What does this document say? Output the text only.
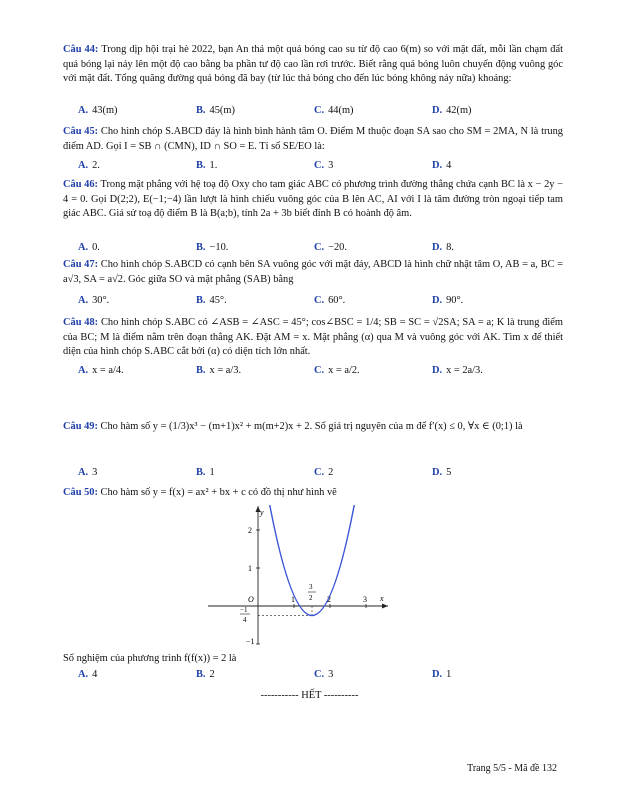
Câu 44: Trong dịp hội trại hè 2022, bạn An thả một quả bóng cao su từ độ cao 6(m) so với mặt đất, mỗi lần chạm đất quả bóng lại nảy lên một độ cao bằng ba phần tư độ cao lần rơi trước. Biết rằng quả bóng luôn chuyển động vuông góc với mặt đất. Tổng quãng đường quả bóng đã bay (từ lúc thả bóng cho đến lúc bóng không nảy nữa) khoảng:
A. 43(m)	B. 45(m)	C. 44(m)	D. 42(m)
Câu 45: Cho hình chóp S.ABCD đáy là hình bình hành tâm O. Điểm M thuộc đoạn SA sao cho SM = 2MA, N là trung điểm AD. Gọi I = SB ∩ (CMN), ID ∩ SO = E. Tỉ số SE/EO là:
A. 2.	B. 1.	C. 3	D. 4
Câu 46: Trong mặt phẳng với hệ toạ độ Oxy cho tam giác ABC có phương trình đường thẳng chứa cạnh BC là x − 2y − 4 = 0. Gọi D(2;2), E(−1;−4) lần lượt là hình chiếu vuông góc của B lên AC, AI với I là tâm đường tròn ngoại tiếp tam giác ABC. Giả sử toạ độ điểm B là B(a;b), tính 2a + 3b biết đỉnh B có hoành độ âm.
A. 0.	B. −10.	C. −20.	D. 8.
Câu 47: Cho hình chóp S.ABCD có cạnh bên SA vuông góc với mặt đáy, ABCD là hình chữ nhật tâm O, AB = a, BC = a√3, SA = a√2. Góc giữa SO và mặt phẳng (SAB) bằng
A. 30°.	B. 45°.	C. 60°.	D. 90°.
Câu 48: Cho hình chóp S.ABC có ∠ASB = ∠ASC = 45°; cos∠BSC = 1/4; SB = SC = √2SA; SA = a; K là trung điểm của BC; M là điểm nằm trên đoạn thẳng AK. Đặt AM = x. Mặt phẳng (α) qua M và vuông góc với AK. Tìm x để thiết diện của hình chóp S.ABC cắt bởi (α) có diện tích lớn nhất.
A. x = a/4.	B. x = a/3.	C. x = a/2.	D. x = 2a/3.
Câu 49: Cho hàm số y = (1/3)x³ − (m+1)x² + m(m+2)x + 2. Số giá trị nguyên của m để f′(x) ≤ 0, ∀x ∈ (0;1) là
A. 3	B. 1	C. 2	D. 5
Câu 50: Cho hàm số y = f(x) = ax² + bx + c có đồ thị như hình vẽ
y
x
O	1
3
2 2	3
2
1
−1
4
−1
Số nghiệm của phương trình f(f(x)) = 2 là
A. 4	B. 2	C. 3	D. 1
----------- HẾT ----------
Trang 5/5 - Mã đề 132
